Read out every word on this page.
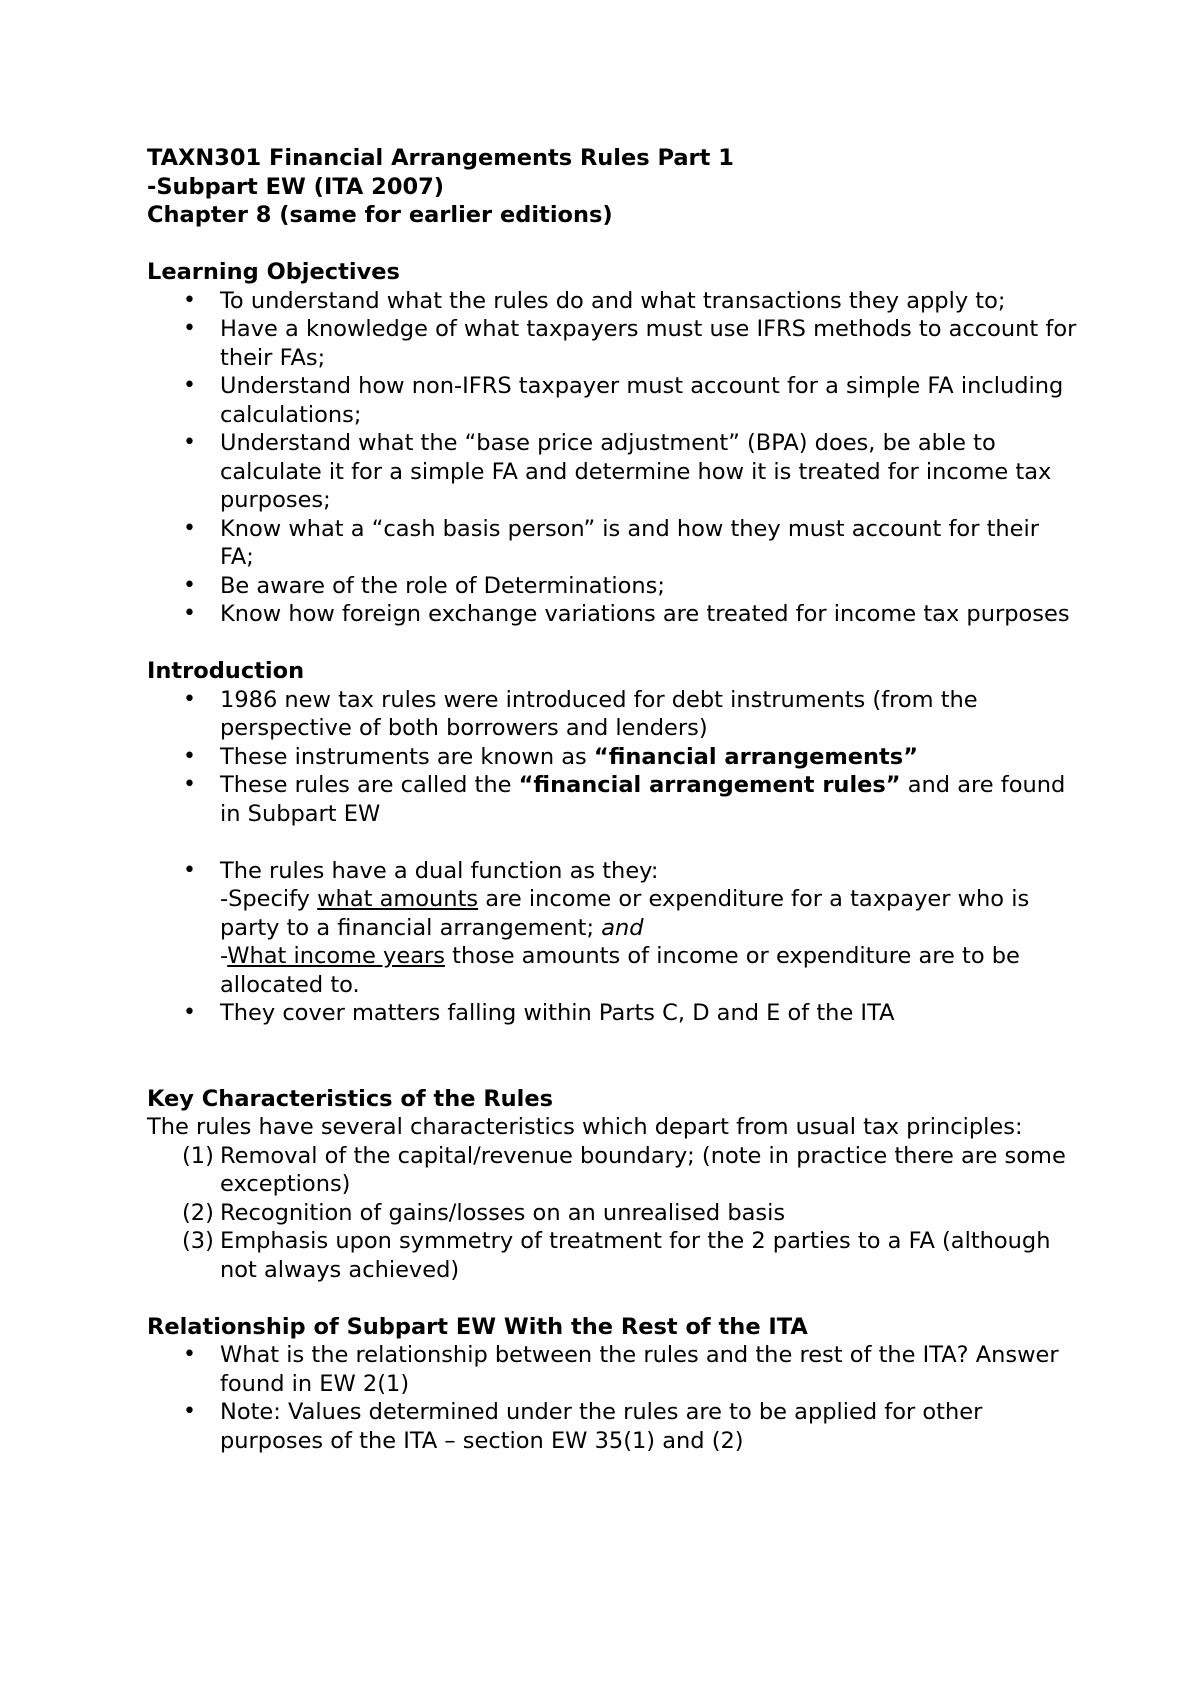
TAXN301 Financial Arrangements Rules Part 1

-Subpart EW (ITA 2007)

Chapter 8 (same for earlier editions)

Learning Objectives

• To understand what the rules do and what transactions they apply to;
• Have a knowledge of what taxpayers must use IFRS methods to account for their FAs;
• Understand how non-IFRS taxpayer must account for a simple FA including calculations;
• Understand what the “base price adjustment” (BPA) does, be able to calculate it for a simple FA and determine how it is treated for income tax purposes;
• Know what a “cash basis person” is and how they must account for their FA;
• Be aware of the role of Determinations;
• Know how foreign exchange variations are treated for income tax purposes

Introduction

• 1986 new tax rules were introduced for debt instruments (from the perspective of both borrowers and lenders)
• These instruments are known as “financial arrangements”
• These rules are called the “financial arrangement rules” and are found in Subpart EW
• The rules have a dual function as they:
-Specify what amounts are income or expenditure for a taxpayer who is party to a financial arrangement; and
-What income years those amounts of income or expenditure are to be allocated to.
• They cover matters falling within Parts C, D and E of the ITA

Key Characteristics of the Rules

The rules have several characteristics which depart from usual tax principles:

(1) Removal of the capital/revenue boundary; (note in practice there are some exceptions)
(2) Recognition of gains/losses on an unrealised basis
(3) Emphasis upon symmetry of treatment for the 2 parties to a FA (although not always achieved)

Relationship of Subpart EW With the Rest of the ITA

• What is the relationship between the rules and the rest of the ITA? Answer found in EW 2(1)
• Note: Values determined under the rules are to be applied for other purposes of the ITA – section EW 35(1) and (2)
